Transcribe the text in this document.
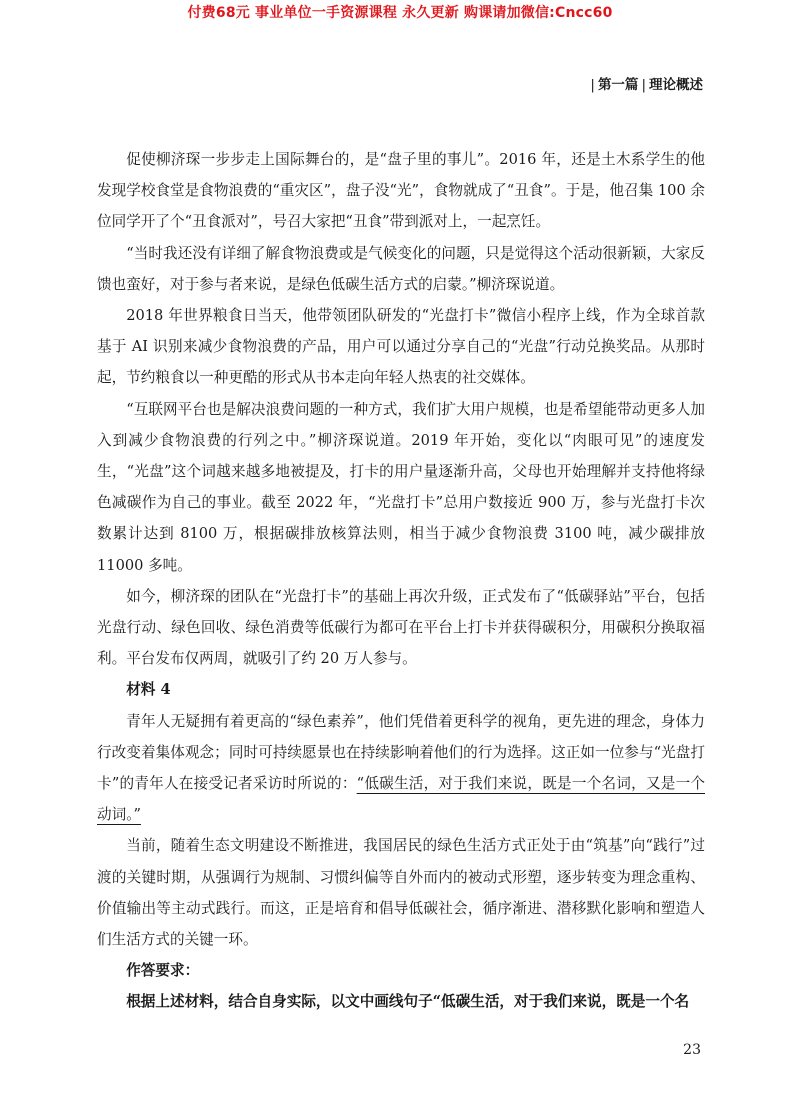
付费68元 事业单位一手资源课程 永久更新 购课请加微信:Cncc60
| 第一篇 | 理论概述

促使柳济琛一步步走上国际舞台的，是“盘子里的事儿”。2016 年，还是土木系学生的他发现学校食堂是食物浪费的“重灾区”，盘子没“光”，食物就成了“丑食”。于是，他召集 100 余位同学开了个“丑食派对”，号召大家把“丑食”带到派对上，一起烹饪。

“当时我还没有详细了解食物浪费或是气候变化的问题，只是觉得这个活动很新颖，大家反馈也蛮好，对于参与者来说，是绿色低碳生活方式的启蒙。”柳济琛说道。

2018 年世界粮食日当天，他带领团队研发的“光盘打卡”微信小程序上线，作为全球首款基于 AI 识别来减少食物浪费的产品，用户可以通过分享自己的“光盘”行动兑换奖品。从那时起，节约粮食以一种更酷的形式从书本走向年轻人热衷的社交媒体。

“互联网平台也是解决浪费问题的一种方式，我们扩大用户规模，也是希望能带动更多人加入到减少食物浪费的行列之中。”柳济琛说道。2019 年开始，变化以“肉眼可见”的速度发生，“光盘”这个词越来越多地被提及，打卡的用户量逐渐升高，父母也开始理解并支持他将绿色减碳作为自己的事业。截至 2022 年，“光盘打卡”总用户数接近 900 万，参与光盘打卡次数累计达到 8100 万，根据碳排放核算法则，相当于减少食物浪费 3100 吨，减少碳排放 11000 多吨。

如今，柳济琛的团队在“光盘打卡”的基础上再次升级，正式发布了“低碳驿站”平台，包括光盘行动、绿色回收、绿色消费等低碳行为都可在平台上打卡并获得碳积分，用碳积分换取福利。平台发布仅两周，就吸引了约 20 万人参与。

材料 4

青年人无疑拥有着更高的“绿色素养”，他们凭借着更科学的视角，更先进的理念，身体力行改变着集体观念；同时可持续愿景也在持续影响着他们的行为选择。这正如一位参与“光盘打卡”的青年人在接受记者采访时所说的：“低碳生活，对于我们来说，既是一个名词，又是一个动词。”

当前，随着生态文明建设不断推进，我国居民的绿色生活方式正处于由“筑基”向“践行”过渡的关键时期，从强调行为规制、习惯纠偏等自外而内的被动式形塑，逐步转变为理念重构、价值输出等主动式践行。而这，正是培育和倡导低碳社会，循序渐进、潜移默化影响和塑造人们生活方式的关键一环。

作答要求：

根据上述材料，结合自身实际，以文中画线句子“低碳生活，对于我们来说，既是一个名

23
